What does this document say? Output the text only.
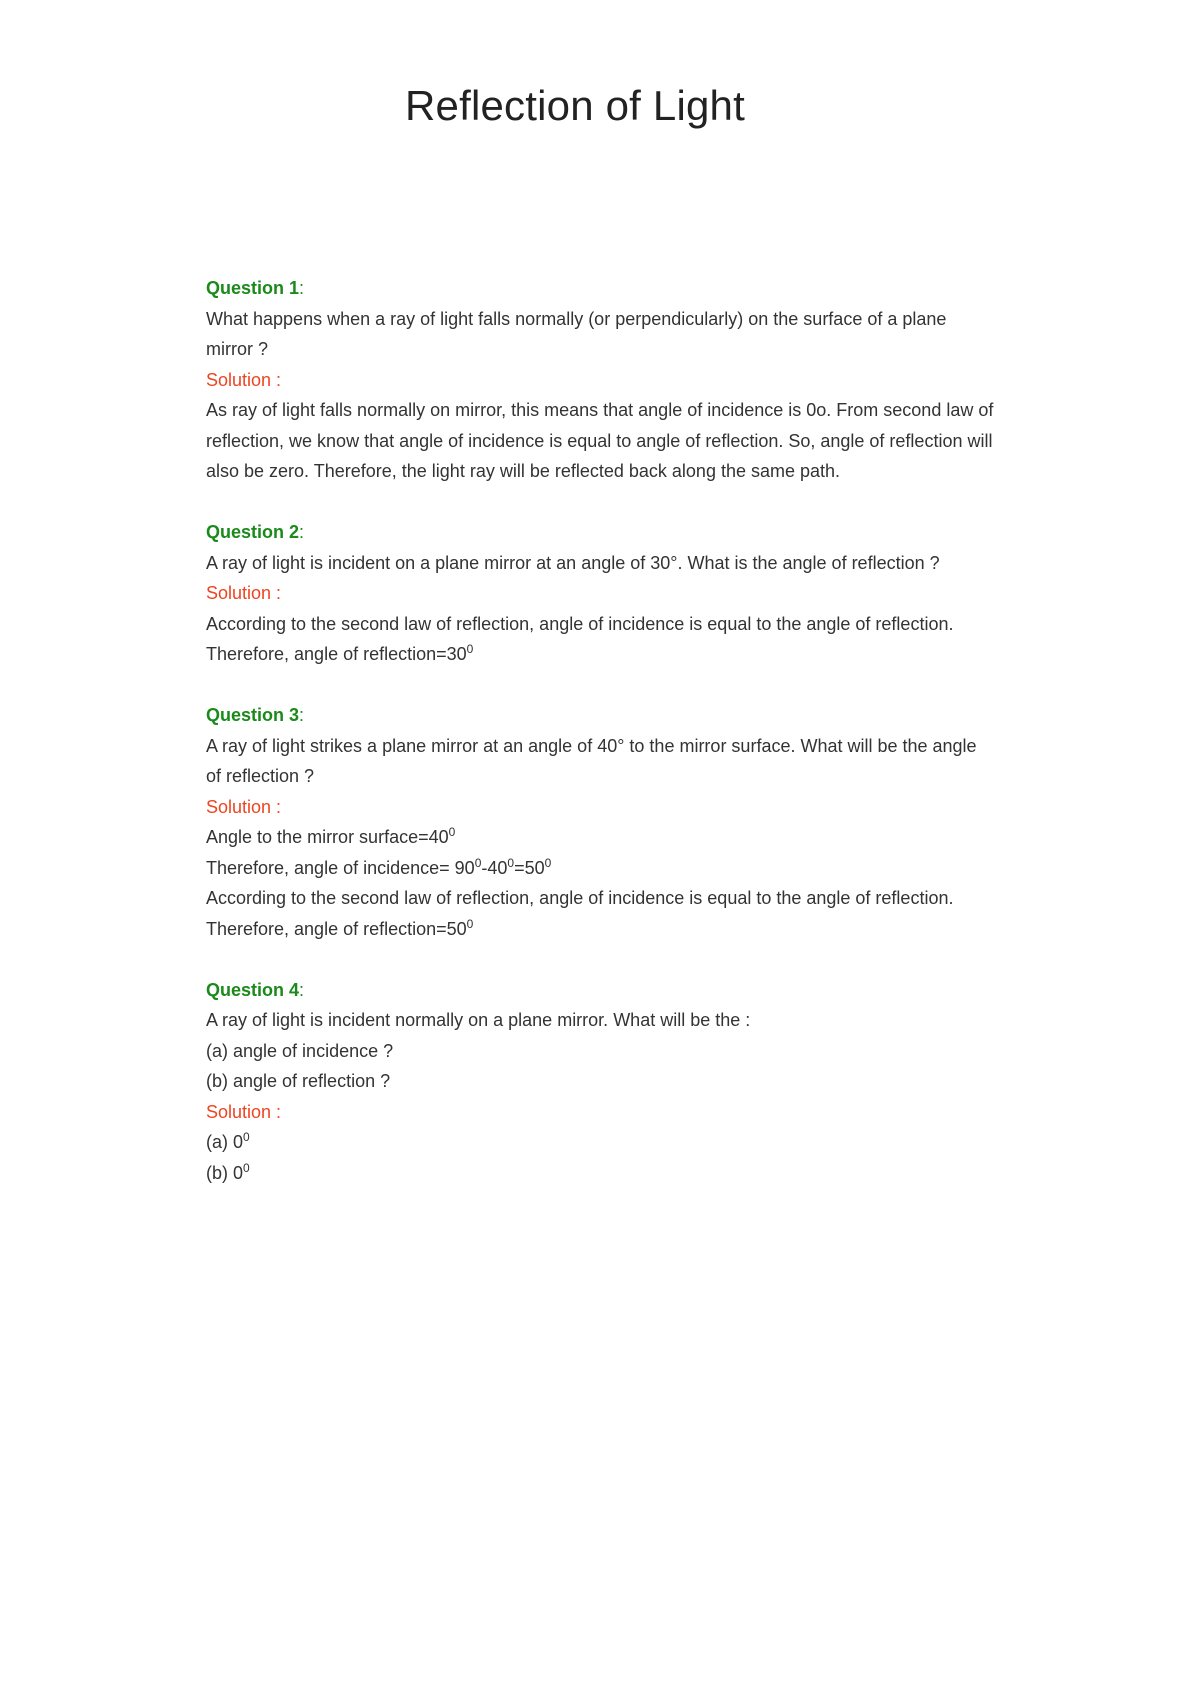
Reflection of Light
Question 1:
What happens when a ray of light falls normally (or perpendicularly) on the surface of a plane mirror ?
Solution :
As ray of light falls normally on mirror, this means that angle of incidence is 0o. From second law of reflection, we know that angle of incidence is equal to angle of reflection. So, angle of reflection will also be zero. Therefore, the light ray will be reflected back along the same path.
Question 2:
A ray of light is incident on a plane mirror at an angle of 30°. What is the angle of reflection ?
Solution :
According to the second law of reflection, angle of incidence is equal to the angle of reflection.
Therefore, angle of $reflection=30^0$
Question 3:
A ray of light strikes a plane mirror at an angle of 40° to the mirror surface. What will be the angle of reflection ?
Solution :
Angle to the mirror $surface=40^0$
Therefore, angle of incidence= $90^0-40^0=50^0$
According to the second law of reflection, angle of incidence is equal to the angle of reflection.
Therefore, angle of $reflection=50^0$
Question 4:
A ray of light is incident normally on a plane mirror. What will be the :
(a) angle of incidence ?
(b) angle of reflection ?
Solution :
(a) $0^0$
(b) $0^0$
